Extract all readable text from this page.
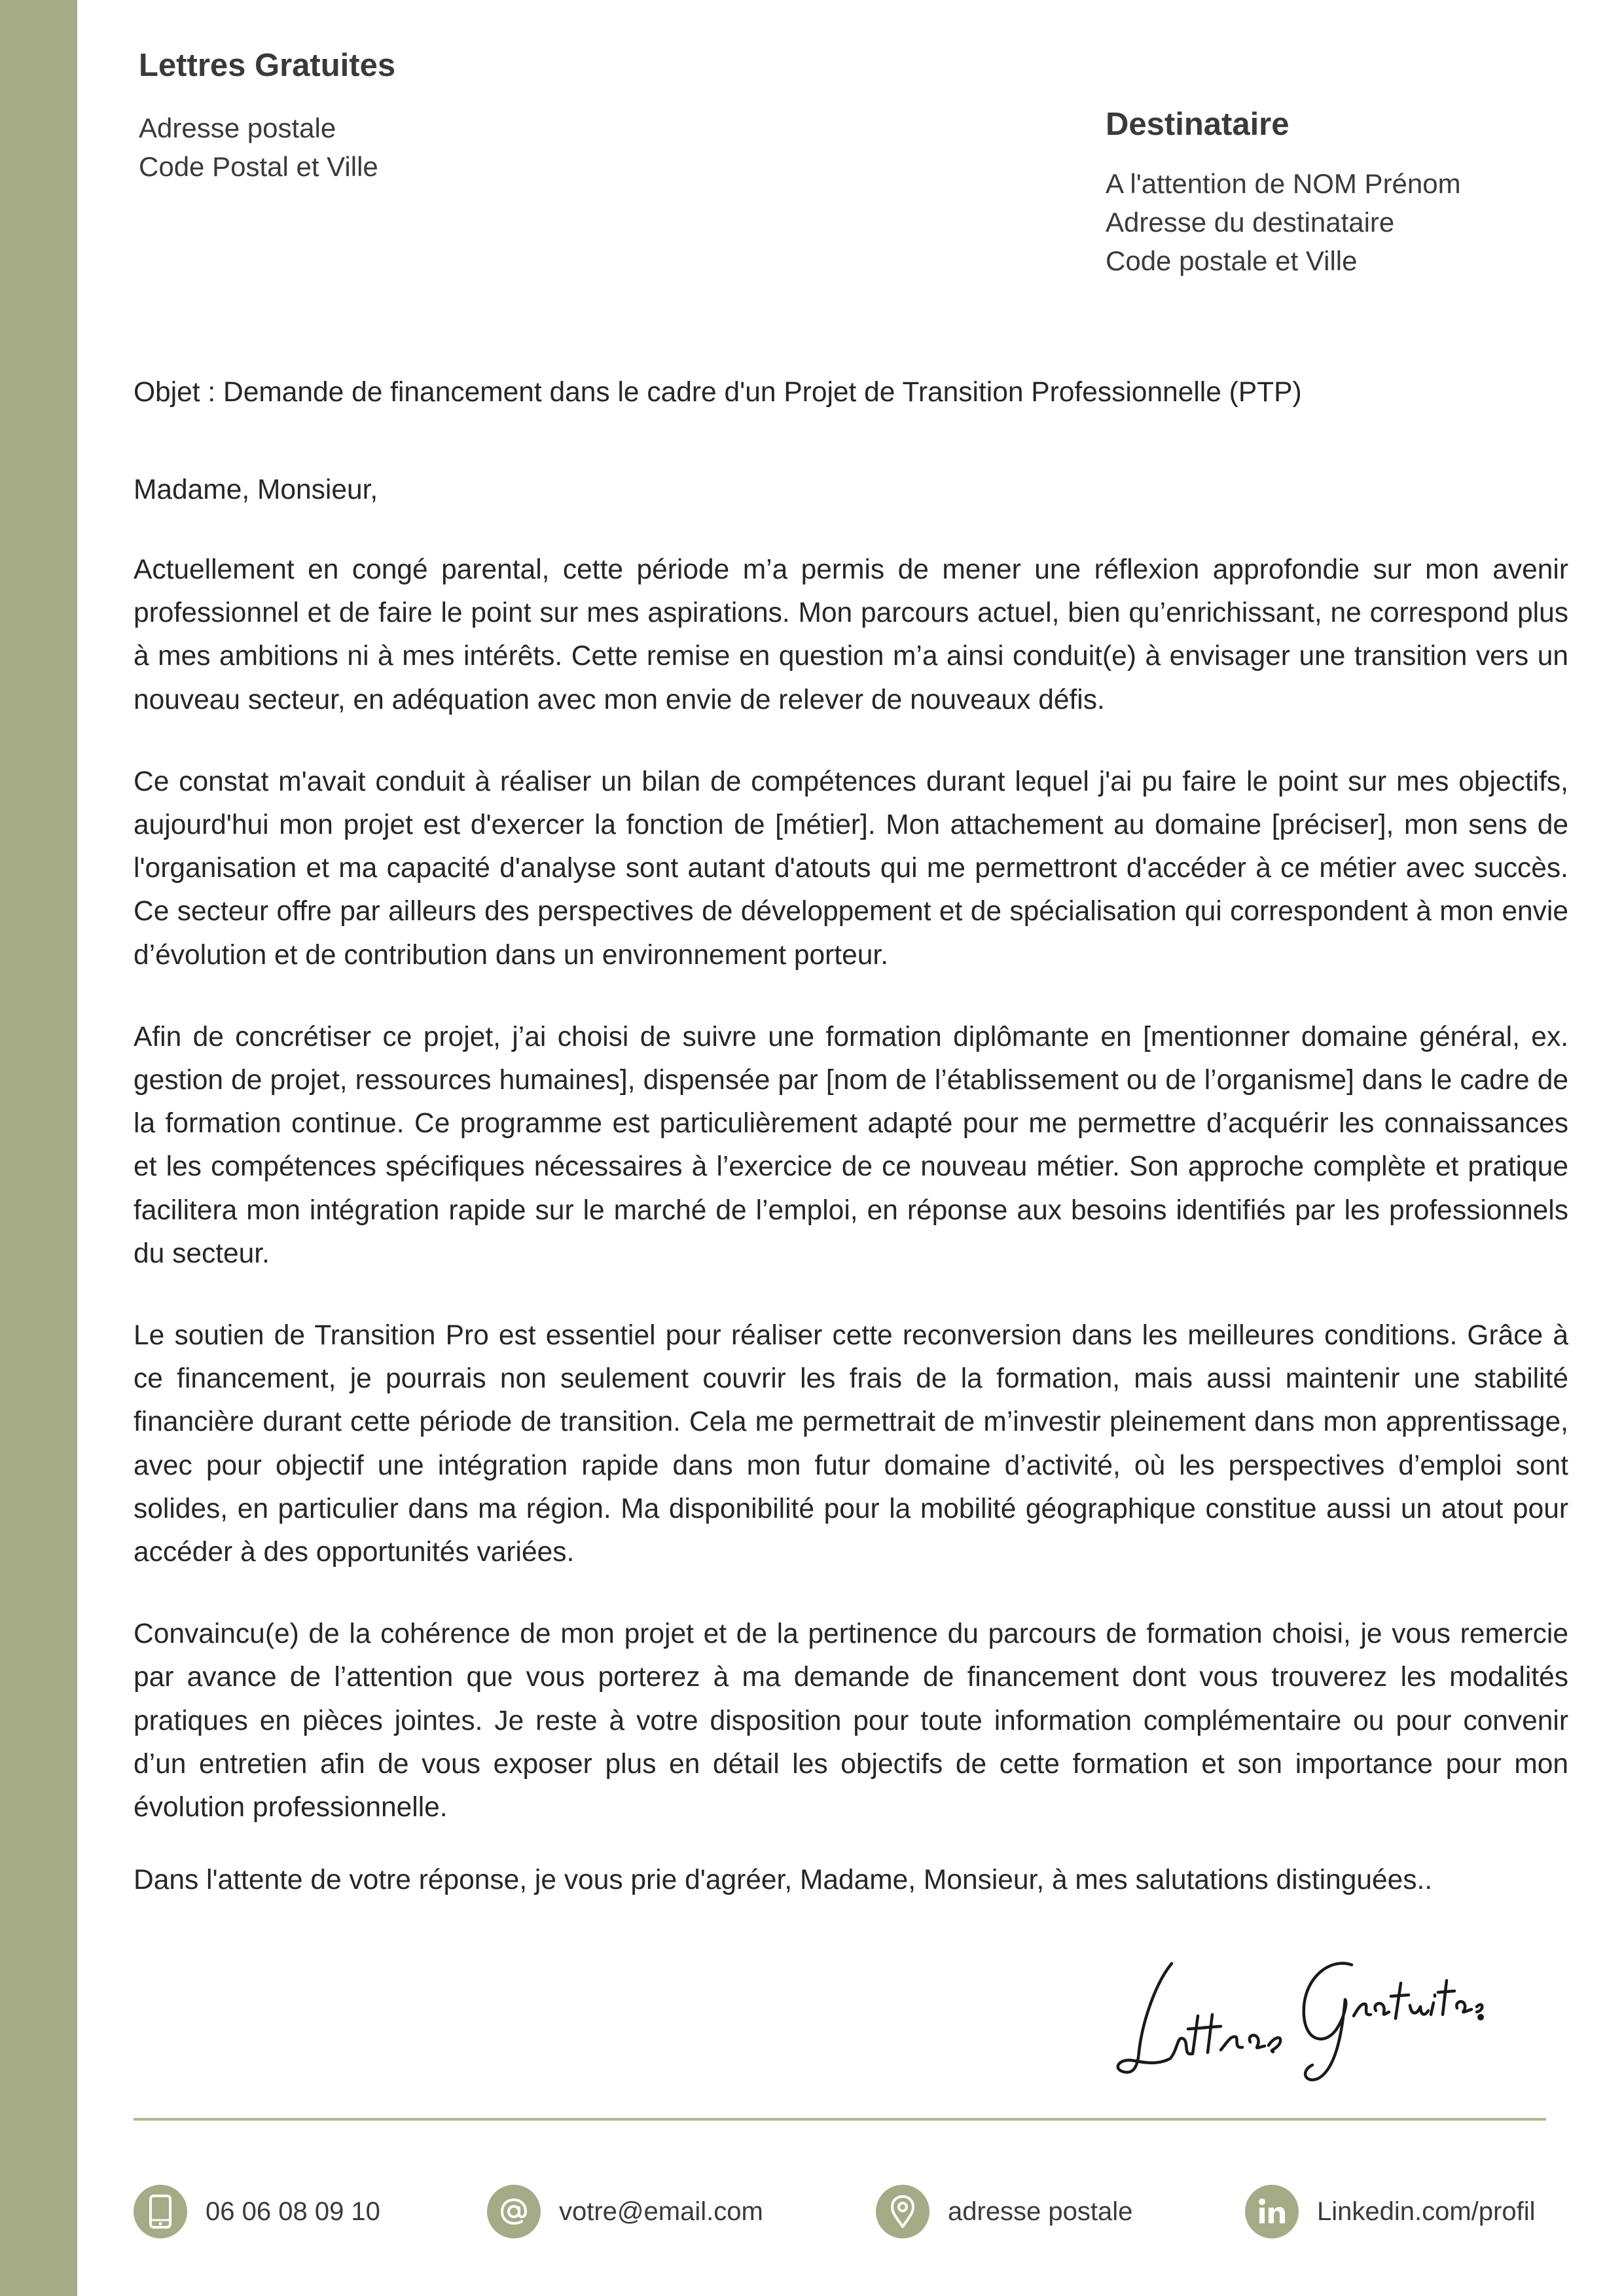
Lettres Gratuites
Adresse postale
Code Postal et Ville
Destinataire
A l'attention de NOM Prénom
Adresse du destinataire
Code postale et Ville
Objet : Demande de financement dans le cadre d'un Projet de Transition Professionnelle (PTP)
Madame, Monsieur,

Actuellement en congé parental, cette période m’a permis de mener une réflexion approfondie sur mon avenir professionnel et de faire le point sur mes aspirations. Mon parcours actuel, bien qu’enrichissant, ne correspond plus à mes ambitions ni à mes intérêts. Cette remise en question m’a ainsi conduit(e) à envisager une transition vers un nouveau secteur, en adéquation avec mon envie de relever de nouveaux défis.

Ce constat m'avait conduit à réaliser un bilan de compétences durant lequel j'ai pu faire le point sur mes objectifs, aujourd'hui mon projet est d'exercer la fonction de [métier]. Mon attachement au domaine [préciser], mon sens de l'organisation et ma capacité d'analyse sont autant d'atouts qui me permettront d'accéder à ce métier avec succès. Ce secteur offre par ailleurs des perspectives de développement et de spécialisation qui correspondent à mon envie d’évolution et de contribution dans un environnement porteur.

Afin de concrétiser ce projet, j’ai choisi de suivre une formation diplômante en [mentionner domaine général, ex. gestion de projet, ressources humaines], dispensée par [nom de l’établissement ou de l’organisme] dans le cadre de la formation continue. Ce programme est particulièrement adapté pour me permettre d’acquérir les connaissances et les compétences spécifiques nécessaires à l’exercice de ce nouveau métier. Son approche complète et pratique facilitera mon intégration rapide sur le marché de l’emploi, en réponse aux besoins identifiés par les professionnels du secteur.

Le soutien de Transition Pro est essentiel pour réaliser cette reconversion dans les meilleures conditions. Grâce à ce financement, je pourrais non seulement couvrir les frais de la formation, mais aussi maintenir une stabilité financière durant cette période de transition. Cela me permettrait de m’investir pleinement dans mon apprentissage, avec pour objectif une intégration rapide dans mon futur domaine d’activité, où les perspectives d’emploi sont solides, en particulier dans ma région. Ma disponibilité pour la mobilité géographique constitue aussi un atout pour accéder à des opportunités variées.

Convaincu(e) de la cohérence de mon projet et de la pertinence du parcours de formation choisi, je vous remercie par avance de l’attention que vous porterez à ma demande de financement dont vous trouverez les modalités pratiques en pièces jointes. Je reste à votre disposition pour toute information complémentaire ou pour convenir d’un entretien afin de vous exposer plus en détail les objectifs de cette formation et son importance pour mon évolution professionnelle.

Dans l'attente de votre réponse, je vous prie d'agréer, Madame, Monsieur, à mes salutations distinguées..
06 06 08 09 10	votre@email.com	adresse postale	Linkedin.com/profil
